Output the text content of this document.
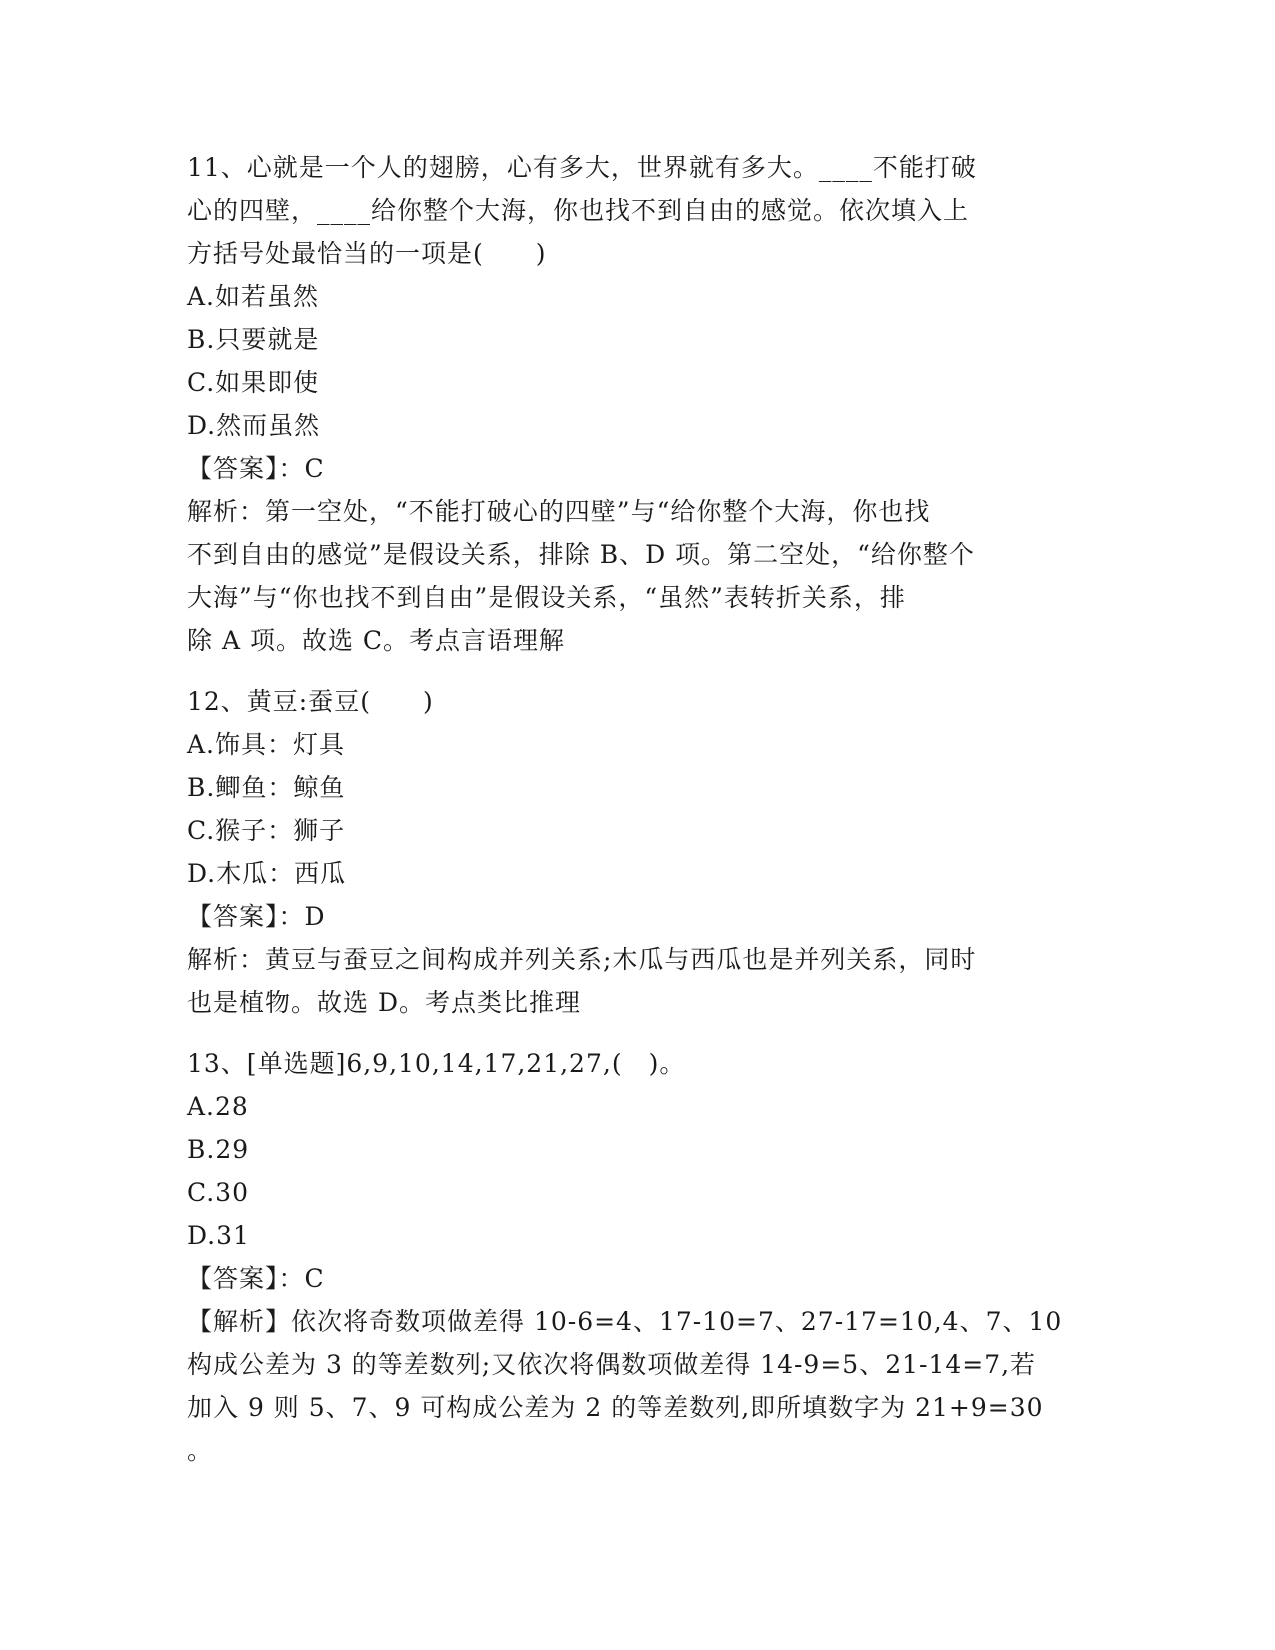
11、心就是一个人的翅膀，心有多大，世界就有多大。____不能打破
心的四壁，____给你整个大海，你也找不到自由的感觉。依次填入上
方括号处最恰当的一项是(　　)
A.如若虽然
B.只要就是
C.如果即使
D.然而虽然
【答案】：C
解析：第一空处，“不能打破心的四壁”与“给你整个大海，你也找
不到自由的感觉”是假设关系，排除 B、D 项。第二空处，“给你整个
大海”与“你也找不到自由”是假设关系，“虽然”表转折关系，排
除 A 项。故选 C。考点言语理解
12、黄豆:蚕豆(　　)
A.饰具：灯具
B.鲫鱼：鲸鱼
C.猴子：狮子
D.木瓜：西瓜
【答案】：D
解析：黄豆与蚕豆之间构成并列关系;木瓜与西瓜也是并列关系，同时
也是植物。故选 D。考点类比推理
13、[单选题]6,9,10,14,17,21,27,(　)。
A.28
B.29
C.30
D.31
【答案】：C
【解析】依次将奇数项做差得 10-6=4、17-10=7、27-17=10,4、7、10
构成公差为 3 的等差数列;又依次将偶数项做差得 14-9=5、21-14=7,若
加入 9 则 5、7、9 可构成公差为 2 的等差数列,即所填数字为 21+9=30
。
